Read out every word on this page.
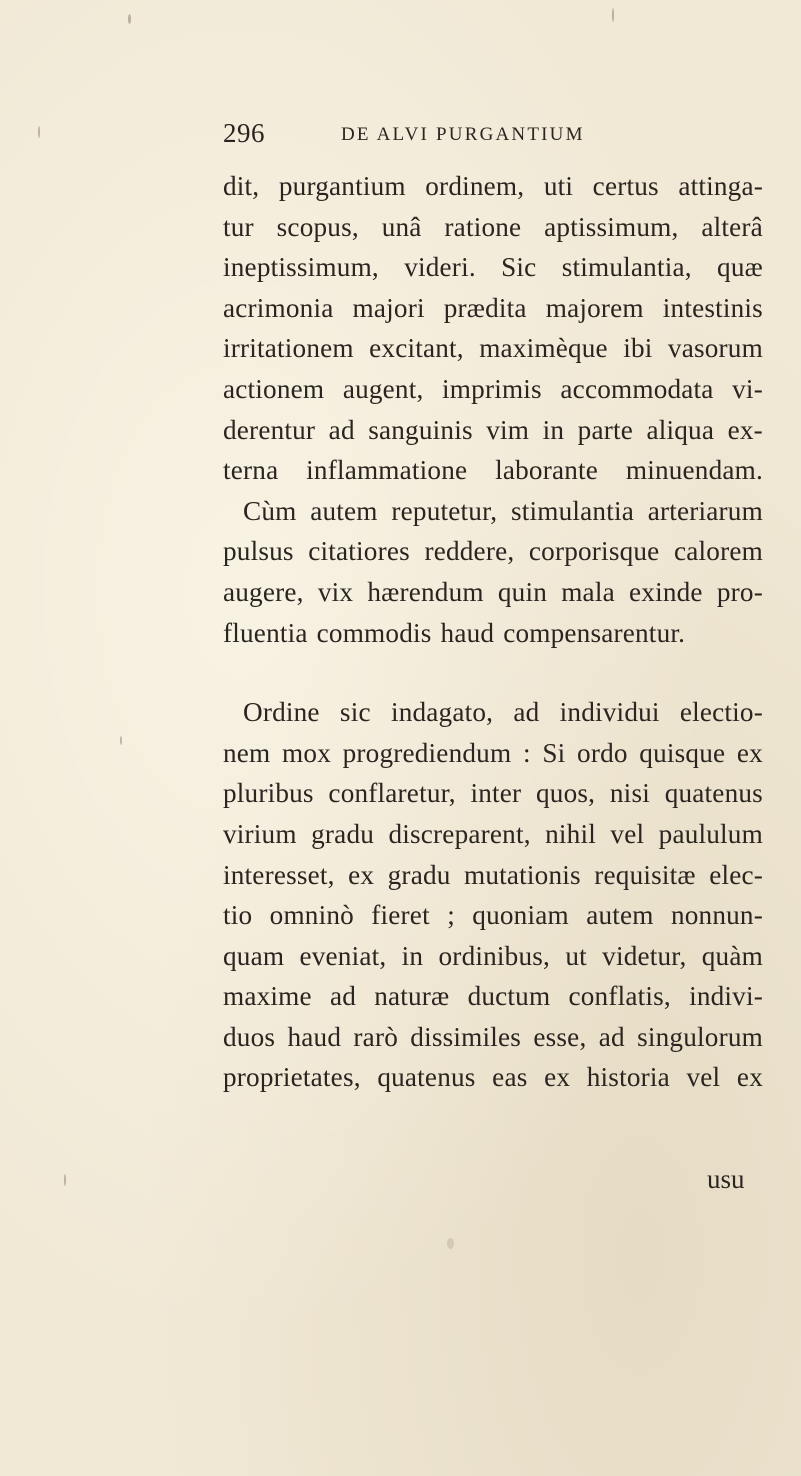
296	DE ALVI PURGANTIUM
dit, purgantium ordinem, uti certus attinga-
tur scopus, unâ ratione aptissimum, alterâ
ineptissimum, videri. Sic stimulantia, quæ
acrimonia majori prædita majorem intestinis
irritationem excitant, maximèque ibi vasorum
actionem augent, imprimis accommodata vi-
derentur ad sanguinis vim in parte aliqua ex-
terna inflammatione laborante minuendam.
Cùm autem reputetur, stimulantia arteriarum
pulsus citatiores reddere, corporisque calorem
augere, vix hærendum quin mala exinde pro-
fluentia commodis haud compensarentur.
Ordine sic indagato, ad individui electio-
nem mox progrediendum : Si ordo quisque ex
pluribus conflaretur, inter quos, nisi quatenus
virium gradu discreparent, nihil vel paululum
interesset, ex gradu mutationis requisitæ elec-
tio omninò fieret ; quoniam autem nonnun-
quam eveniat, in ordinibus, ut videtur, quàm
maxime ad naturæ ductum conflatis, indivi-
duos haud rarò dissimiles esse, ad singulorum
proprietates, quatenus eas ex historia vel ex
usu
